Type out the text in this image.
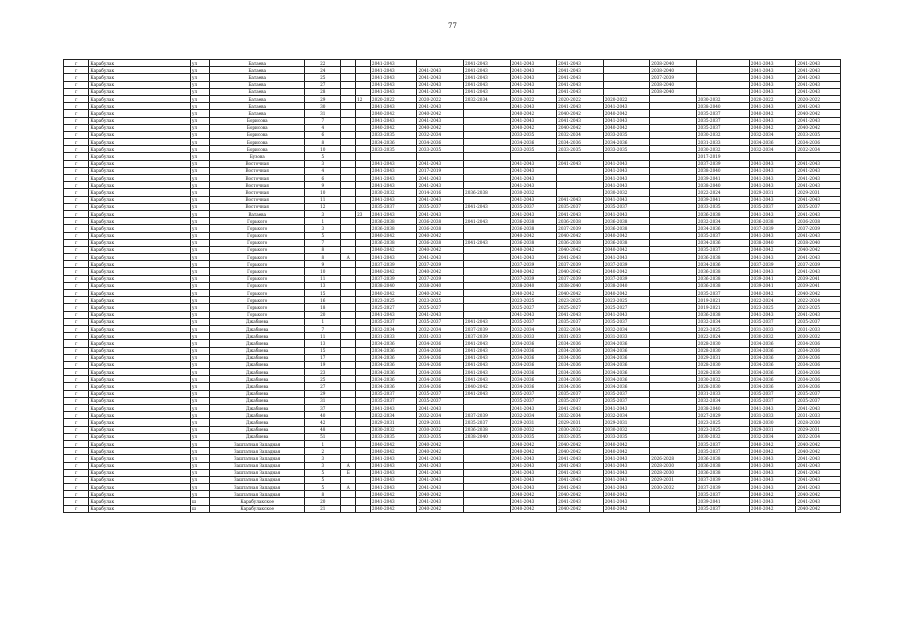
77
г	Карабулак	ул	Батаева	22			2041-2043		2041-2043	2041-2043	2041-2043		2038-2040		2041-2043	2041-2043
г	Карабулак	ул	Батаева	24			2041-2043	2041-2043	2041-2043	2041-2043	2041-2043		2038-2040		2041-2043	2041-2043
г	Карабулак	ул	Батаева	25			2041-2043	2041-2043	2041-2043	2041-2043	2041-2043		2037-2039		2041-2043	2041-2043
г	Карабулак	ул	Батаева	27			2041-2043	2041-2043	2041-2043	2041-2043	2041-2043		2038-2040		2041-2043	2041-2043
г	Карабулак	ул	Батаева	28			2041-2043	2041-2043	2041-2043	2041-2043	2041-2043		2038-2040		2041-2043	2041-2043
г	Карабулак	ул	Батаева	29		12	2020-2022	2020-2022	2032-2034	2020-2022	2020-2022	2020-2022		2030-2032	2020-2022	2020-2022
г	Карабулак	ул	Батаева	30			2041-2043	2041-2043		2041-2043	2041-2043	2041-2043		2038-2040	2041-2043	2041-2043
г	Карабулак	ул	Батаева	31			2040-2042	2040-2042		2040-2042	2040-2042	2040-2042		2035-2037	2040-2042	2040-2042
г	Карабулак	ул	Борисова	7			2041-2043	2041-2043		2041-2043	2041-2043	2041-2043		2035-2037	2041-2043	2041-2043
г	Карабулак	ул	Борисова	4			2040-2042	2040-2042		2040-2042	2040-2042	2040-2042		2035-2037	2040-2042	2040-2042
г	Карабулак	ул	Борисова	6			2033-2035	2032-2034		2033-2035	2032-2034	2033-2035		2030-2032	2032-2034	2033-2035
г	Карабулак	ул	Борисова	8			2034-2036	2034-2036		2034-2036	2034-2036	2034-2036		2031-2033	2034-2036	2034-2036
г	Карабулак	ул	Борисова	10			2033-2035	2033-2035		2033-2035	2033-2035	2033-2035		2030-2032	2032-2034	2032-2034
г	Карабулак	ул	Бузова	5										2017-2019		
г	Карабулак	ул	Восточная	3			2041-2043	2041-2043		2041-2043	2041-2043	2041-2043		2037-2039	2041-2043	2041-2043
г	Карабулак	ул	Восточная	4			2041-2043	2017-2019		2041-2043		2041-2043		2038-2040	2041-2043	2041-2043
г	Карабулак	ул	Восточная	6			2041-2043	2041-2043		2041-2043		2041-2043		2039-2041	2041-2043	2041-2043
г	Карабулак	ул	Восточная	9			2041-2043	2041-2043		2041-2043		2041-2043		2038-2040	2041-2043	2041-2043
г	Карабулак	ул	Восточная	10			2030-2032	2014-2016	2036-2038	2030-2032		2030-2032		2022-2024	2029-2031	2029-2031
г	Карабулак	ул	Восточная	11			2041-2043	2041-2043		2041-2043	2041-2043	2041-2043		2039-2041	2041-2043	2041-2043
г	Карабулак	ул	Восточная	12			2035-2037	2035-2037	2041-2043	2035-2037	2035-2037	2035-2037		2033-2035	2035-2037	2035-2037
г	Карабулак	ул	Ватаева	3		23	2041-2043	2041-2043		2041-2043	2041-2043	2041-2043		2036-2038	2041-2043	2041-2043
г	Карабулак	ул	Горького	1			2036-2038	2036-2038	2041-2043	2036-2038	2036-2038	2036-2038		2032-2034	2036-2038	2036-2038
г	Карабулак	ул	Горького	3			2036-2038	2036-2038		2036-2038	2037-2039	2036-2038		2034-2036	2037-2039	2037-2039
г	Карабулак	ул	Горького	5			2040-2042	2040-2042		2040-2042	2040-2042	2040-2042		2035-2037	2041-2043	2041-2043
г	Карабулак	ул	Горького	7			2036-2038	2036-2038	2041-2043	2036-2038	2036-2038	2036-2038		2034-2036	2038-2040	2038-2040
г	Карабулак	ул	Горького	8			2040-2042	2040-2042		2040-2042	2040-2042	2040-2042		2035-2037	2040-2042	2040-2042
г	Карабулак	ул	Горького	8	А		2041-2043	2041-2043		2041-2043	2041-2043	2041-2043		2036-2038	2041-2043	2041-2043
г	Карабулак	ул	Горького	9			2037-2039	2037-2039		2037-2039	2037-2039	2037-2039		2034-2036	2037-2039	2037-2039
г	Карабулак	ул	Горького	10			2040-2042	2040-2042		2040-2042	2040-2042	2040-2042		2036-2038	2041-2043	2041-2043
г	Карабулак	ул	Горького	11			2037-2039	2037-2039		2037-2039	2037-2039	2037-2039		2036-2038	2039-2041	2039-2041
г	Карабулак	ул	Горького	13			2038-2040	2038-2040		2038-2040	2038-2040	2038-2040		2036-2038	2039-2041	2039-2041
г	Карабулак	ул	Горького	15			2040-2042	2040-2042		2040-2042	2040-2042	2040-2042		2035-2037	2040-2042	2040-2042
г	Карабулак	ул	Горького	16			2023-2025	2023-2025		2023-2025	2023-2025	2023-2025		2019-2021	2022-2024	2022-2024
г	Карабулак	ул	Горького	18			2025-2027	2025-2027		2025-2027	2025-2027	2025-2027		2019-2021	2023-2025	2023-2025
г	Карабулак	ул	Горького	20			2041-2043	2041-2043		2041-2043	2041-2043	2041-2043		2036-2038	2041-2043	2041-2043
г	Карабулак	ул	Джабиева	1			2035-2037	2035-2037	2041-2043	2035-2037	2035-2037	2035-2037		2032-2034	2035-2037	2035-2037
г	Карабулак	ул	Джабиева	7			2032-2034	2032-2034	2037-2039	2032-2034	2032-2034	2032-2034		2023-2025	2031-2033	2031-2033
г	Карабулак	ул	Джабиева	11			2031-2033	2031-2033	2037-2039	2031-2033	2031-2033	2031-2033		2022-2024	2030-2032	2030-2032
г	Карабулак	ул	Джабиева	13			2034-2036	2034-2036	2041-2043	2034-2036	2034-2036	2034-2036		2028-2030	2034-2036	2034-2036
г	Карабулак	ул	Джабиева	15			2034-2036	2034-2036	2041-2043	2034-2036	2034-2036	2034-2036		2028-2030	2034-2036	2034-2036
г	Карабулак	ул	Джабиева	17			2034-2036	2034-2036	2041-2043	2034-2036	2034-2036	2034-2036		2029-2031	2034-2036	2034-2036
г	Карабулак	ул	Джабиева	19			2034-2036	2034-2036	2041-2043	2034-2036	2034-2036	2034-2036		2028-2030	2034-2036	2034-2036
г	Карабулак	ул	Джабиева	23			2034-2036	2034-2036	2041-2043	2034-2036	2034-2036	2034-2036		2028-2030	2034-2036	2034-2036
г	Карабулак	ул	Джабиева	25			2034-2036	2034-2036	2041-2043	2034-2036	2034-2036	2034-2036		2030-2032	2034-2036	2034-2036
г	Карабулак	ул	Джабиева	27			2034-2036	2034-2036	2040-2042	2034-2036	2034-2036	2034-2036		2028-2030	2034-2036	2034-2036
г	Карабулак	ул	Джабиева	29			2035-2037	2035-2037	2041-2043	2035-2037	2035-2037	2035-2037		2031-2033	2035-2037	2035-2037
г	Карабулак	ул	Джабиева	31			2035-2037	2035-2037		2035-2037	2035-2037	2035-2037		2032-2034	2035-2037	2035-2037
г	Карабулак	ул	Джабиева	37			2041-2043	2041-2043		2041-2043	2041-2043	2041-2043		2038-2040	2041-2043	2041-2043
г	Карабулак	ул	Джабиева	40			2032-2034	2032-2034	2037-2039	2032-2034	2032-2034	2032-2034		2027-2029	2031-2033	2031-2033
г	Карабулак	ул	Джабиева	42			2029-2031	2029-2031	2035-2037	2029-2031	2029-2031	2029-2031		2023-2025	2028-2030	2028-2030
г	Карабулак	ул	Джабиева	48			2030-2032	2030-2032	2036-2038	2030-2032	2030-2032	2030-2032		2023-2025	2029-2031	2029-2031
г	Карабулак	ул	Джабиева	51			2033-2035	2033-2035	2038-2040	2033-2035	2033-2035	2033-2035		2030-2032	2032-2034	2032-2034
г	Карабулак	ул	Заштатная Западная	1			2040-2042	2040-2042		2040-2042	2040-2042	2040-2042		2035-2037	2040-2042	2040-2042
г	Карабулак	ул	Заштатная Западная	2			2040-2042	2040-2042		2040-2042	2040-2042	2040-2042		2035-2037	2040-2042	2040-2042
г	Карабулак	ул	Заштатная Западная	3			2041-2043	2041-2043		2041-2043	2041-2043	2041-2043	2026-2028	2036-2038	2041-2043	2041-2043
г	Карабулак	ул	Заштатная Западная	3	А		2041-2043	2041-2043		2041-2043	2041-2043	2041-2043	2028-2030	2036-2038	2041-2043	2041-2043
г	Карабулак	ул	Заштатная Западная	5	Б		2041-2043	2041-2043		2041-2043	2041-2043	2041-2043	2028-2030	2036-2038	2041-2043	2041-2043
г	Карабулак	ул	Заштатная Западная	5			2041-2043	2041-2043		2041-2043	2041-2043	2041-2043	2029-2031	2037-2039	2041-2043	2041-2043
г	Карабулак	ул	Заштатная Западная	5	А		2041-2043	2041-2043		2041-2043	2041-2043	2041-2043	2030-2032	2037-2039	2041-2043	2041-2043
г	Карабулак	ул	Заштатная Западная	8			2040-2042	2040-2042		2040-2042	2040-2042	2040-2042		2035-2037	2040-2042	2040-2042
г	Карабулак	ш	Карабулакское	20			2041-2043	2041-2043		2041-2043	2041-2043	2041-2043		2039-2041	2041-2043	2041-2043
г	Карабулак	ш	Карабулакское	21			2040-2042	2040-2042		2040-2042	2040-2042	2040-2042		2035-2037	2040-2042	2040-2042
